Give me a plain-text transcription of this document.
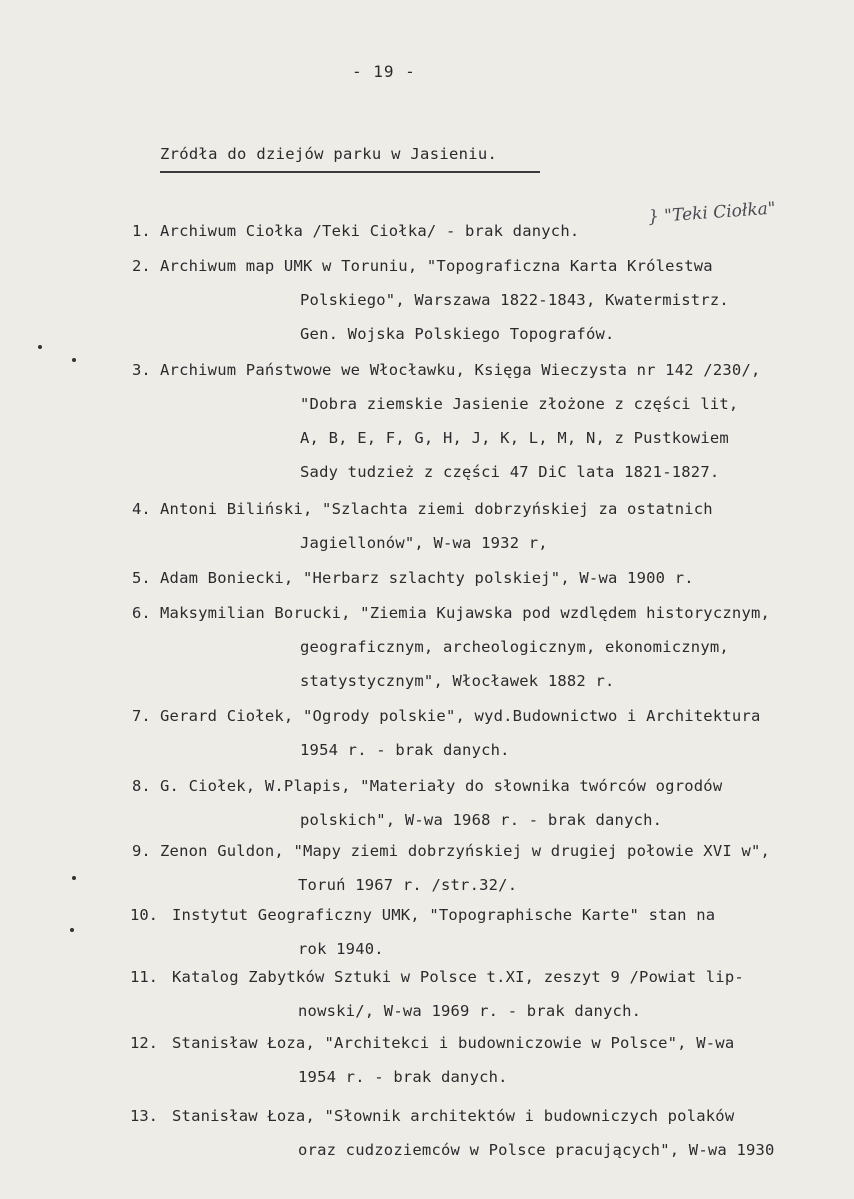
- 19 -
Zródła do dziejów parku w Jasieniu.
} "Teki Ciołka"
1. Archiwum Ciołka /Teki Ciołka/ - brak danych.
2. Archiwum map UMK w Toruniu, "Topograficzna Karta Królestwa
Polskiego", Warszawa 1822-1843, Kwatermistrz.
Gen. Wojska Polskiego Topografów.
3. Archiwum Państwowe we Włocławku, Księga Wieczysta nr 142 /230/,
"Dobra ziemskie Jasienie złożone z części lit,
A, B, E, F, G, H, J, K, L, M, N, z Pustkowiem
Sady tudzież z części 47 DiC lata 1821-1827.
4. Antoni Biliński, "Szlachta ziemi dobrzyńskiej za ostatnich
Jagiellonów", W-wa 1932 r,
5. Adam Boniecki, "Herbarz szlachty polskiej", W-wa 1900 r.
6. Maksymilian Borucki, "Ziemia Kujawska pod wzdlędem historycznym,
geograficznym, archeologicznym, ekonomicznym,
statystycznym", Włocławek 1882 r.
7. Gerard Ciołek, "Ogrody polskie", wyd.Budownictwo i Architektura
1954 r. - brak danych.
8. G. Ciołek, W.Plapis, "Materiały do słownika twórców ogrodów
polskich", W-wa 1968 r. - brak danych.
9. Zenon Guldon, "Mapy ziemi dobrzyńskiej w drugiej połowie XVI w",
Toruń 1967 r. /str.32/.
10. Instytut Geograficzny UMK, "Topographische Karte" stan na
rok 1940.
11. Katalog Zabytków Sztuki w Polsce t.XI, zeszyt 9 /Powiat lip-
nowski/, W-wa 1969 r. - brak danych.
12. Stanisław Łoza, "Architekci i budowniczowie w Polsce", W-wa
1954 r. - brak danych.
13. Stanisław Łoza, "Słownik architektów i budowniczych polaków
oraz cudzoziemców w Polsce pracujących", W-wa 1930
